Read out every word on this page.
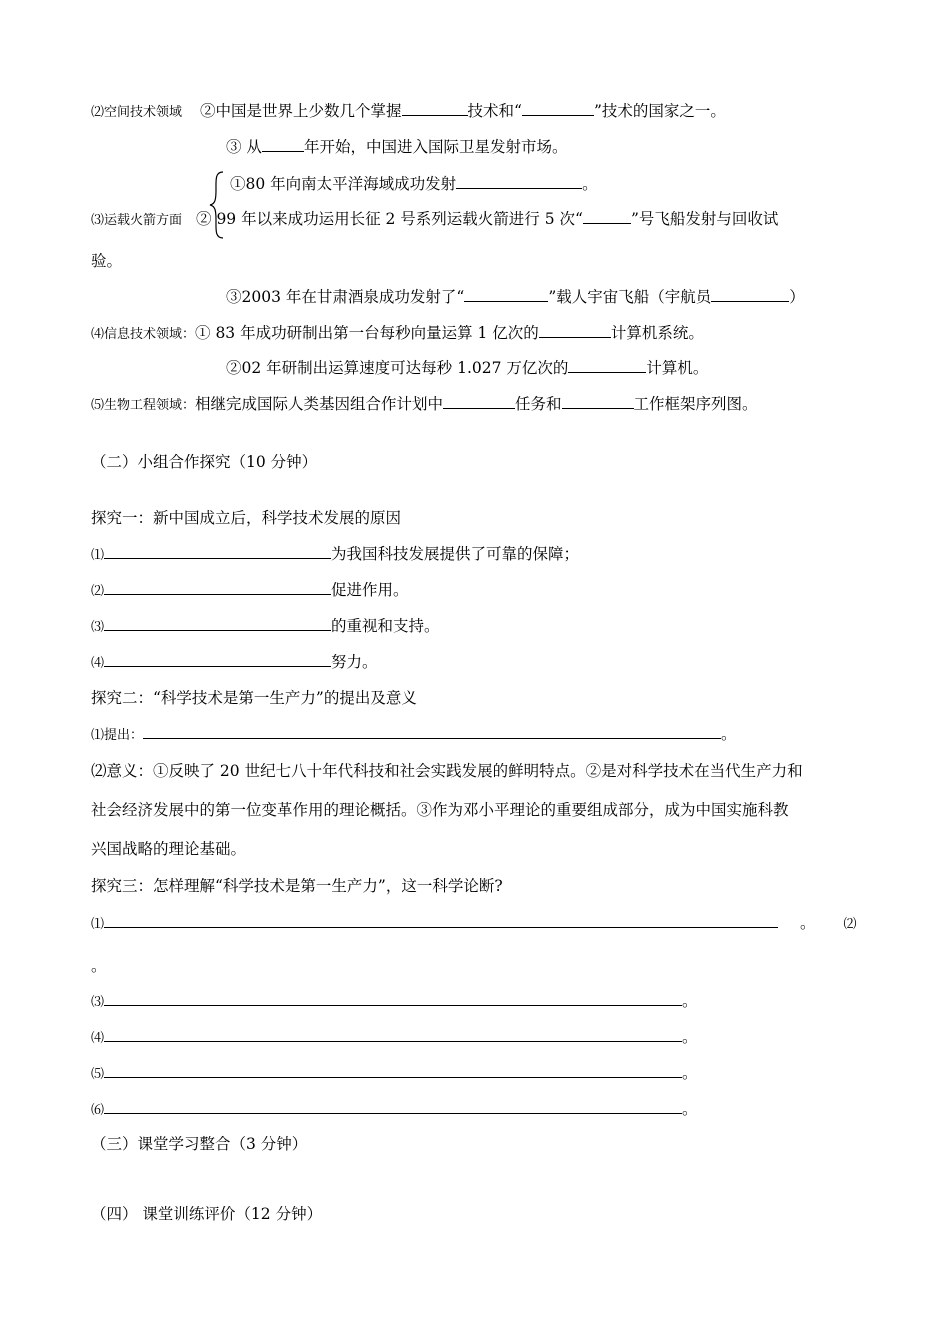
⑵空间技术领域 ②中国是世界上少数几个掌握	技术和“	”技术的国家之一。
③ 从	年开始，中国进入国际卫星发射市场。
①80 年向南太平洋海域成功发射	。
⑶运载火箭方面 ② 99 年以来成功运用长征 2 号系列运载火箭进行 5 次“	”号飞船发射与回收试
验。
③2003 年在甘肃酒泉成功发射了“	”载人宇宙飞船（宇航员	）
⑷信息技术领域：① 83 年成功研制出第一台每秒向量运算 1 亿次的	计算机系统。
②02 年研制出运算速度可达每秒 1.027 万亿次的	计算机。
⑸生物工程领域：相继完成国际人类基因组合作计划中	任务和	工作框架序列图。
（二）小组合作探究（10 分钟）
探究一：新中国成立后，科学技术发展的原因
⑴	为我国科技发展提供了可靠的保障；
⑵	促进作用。
⑶	的重视和支持。
⑷	努力。
探究二：“科学技术是第一生产力”的提出及意义
⑴提出：	。
⑵意义：①反映了 20 世纪七八十年代科技和社会实践发展的鲜明特点。②是对科学技术在当代生产力和
社会经济发展中的第一位变革作用的理论概括。③作为邓小平理论的重要组成部分，成为中国实施科教
兴国战略的理论基础。
探究三：怎样理解“科学技术是第一生产力”，这一科学论断?
⑴	。 ⑵
。
⑶	。
⑷	。
⑸	。
⑹	。
（三）课堂学习整合（3 分钟）
（四） 课堂训练评价（12 分钟）
